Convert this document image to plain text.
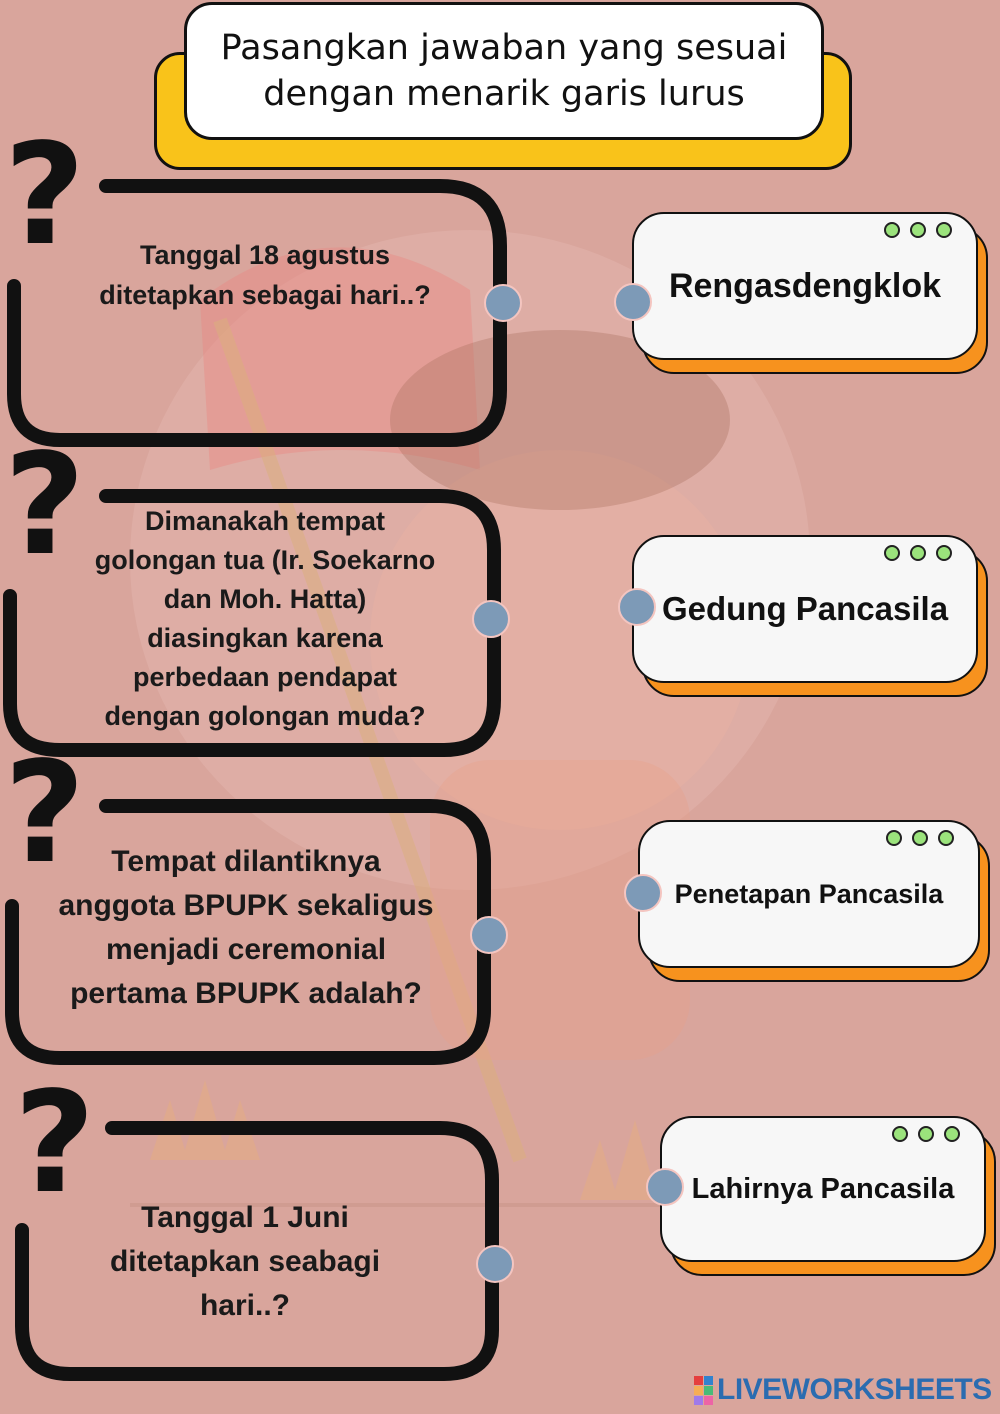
Pasangkan jawaban yang sesuai
dengan menarik garis lurus
? Tanggal 18 agustus
ditetapkan sebagai hari..?
? Dimanakah tempat
golongan tua (Ir. Soekarno
dan Moh. Hatta)
diasingkan karena
perbedaan pendapat
dengan golongan muda?
? Tempat dilantiknya
anggota BPUPK sekaligus
menjadi ceremonial
pertama BPUPK adalah?
? Tanggal 1 Juni
ditetapkan seabagi
hari..?
Rengasdengklok
Gedung Pancasila
Penetapan Pancasila
Lahirnya Pancasila
LIVEWORKSHEETS
